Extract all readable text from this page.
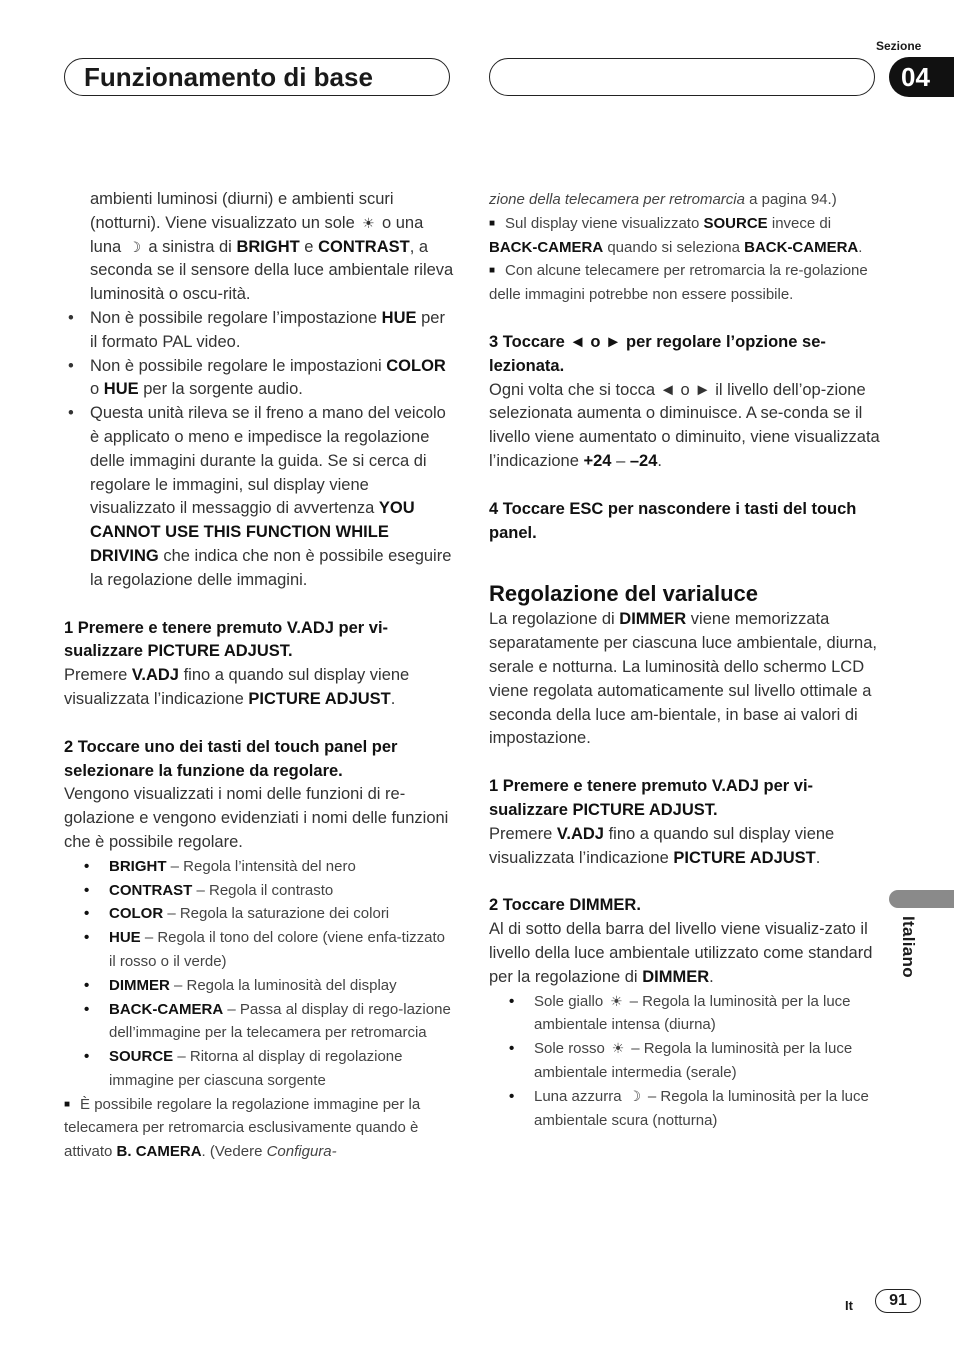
Funzionamento di base
Sezione
04
Italiano
It	91
ambienti luminosi (diurni) e ambienti scuri (notturni). Viene visualizzato un sole ☀ o una luna ☽ a sinistra di BRIGHT e CONTRAST, a seconda se il sensore della luce ambientale rileva luminosità o oscu-rità.
• Non è possibile regolare l’impostazione HUE per il formato PAL video.
• Non è possibile regolare le impostazioni COLOR o HUE per la sorgente audio.
• Questa unità rileva se il freno a mano del veicolo è applicato o meno e impedisce la regolazione delle immagini durante la guida. Se si cerca di regolare le immagini, sul display viene visualizzato il messaggio di avvertenza YOU CANNOT USE THIS FUNCTION WHILE DRIVING che indica che non è possibile eseguire la regolazione delle immagini.
1 Premere e tenere premuto V.ADJ per vi-sualizzare PICTURE ADJUST.
Premere V.ADJ fino a quando sul display viene visualizzata l’indicazione PICTURE ADJUST.
2 Toccare uno dei tasti del touch panel per selezionare la funzione da regolare.
Vengono visualizzati i nomi delle funzioni di re-golazione e vengono evidenziati i nomi delle funzioni che è possibile regolare.
• BRIGHT – Regola l’intensità del nero
• CONTRAST – Regola il contrasto
• COLOR – Regola la saturazione dei colori
• HUE – Regola il tono del colore (viene enfa-tizzato il rosso o il verde)
• DIMMER – Regola la luminosità del display
• BACK-CAMERA – Passa al display di rego-lazione dell’immagine per la telecamera per retromarcia
• SOURCE – Ritorna al display di regolazione immagine per ciascuna sorgente
■ È possibile regolare la regolazione immagine per la telecamera per retromarcia esclusivamente quando è attivato B. CAMERA. (Vedere Configura-
zione della telecamera per retromarcia a pagina 94.)
■ Sul display viene visualizzato SOURCE invece di BACK-CAMERA quando si seleziona BACK-CAMERA.
■ Con alcune telecamere per retromarcia la re-golazione delle immagini potrebbe non essere possibile.
3 Toccare ◄ o ► per regolare l’opzione se-lezionata.
Ogni volta che si tocca ◄ o ► il livello dell’op-zione selezionata aumenta o diminuisce. A se-conda se il livello viene aumentato o diminuito, viene visualizzata l’indicazione +24 – –24.
4 Toccare ESC per nascondere i tasti del touch panel.
Regolazione del varialuce
La regolazione di DIMMER viene memorizzata separatamente per ciascuna luce ambientale, diurna, serale e notturna. La luminosità dello schermo LCD viene regolata automaticamente sul livello ottimale a seconda della luce am-bientale, in base ai valori di impostazione.
1 Premere e tenere premuto V.ADJ per vi-sualizzare PICTURE ADJUST.
Premere V.ADJ fino a quando sul display viene visualizzata l’indicazione PICTURE ADJUST.
2 Toccare DIMMER.
Al di sotto della barra del livello viene visualiz-zato il livello della luce ambientale utilizzato come standard per la regolazione di DIMMER.
• Sole giallo ☀ – Regola la luminosità per la luce ambientale intensa (diurna)
• Sole rosso ☀ – Regola la luminosità per la luce ambientale intermedia (serale)
• Luna azzurra ☽ – Regola la luminosità per la luce ambientale scura (notturna)
